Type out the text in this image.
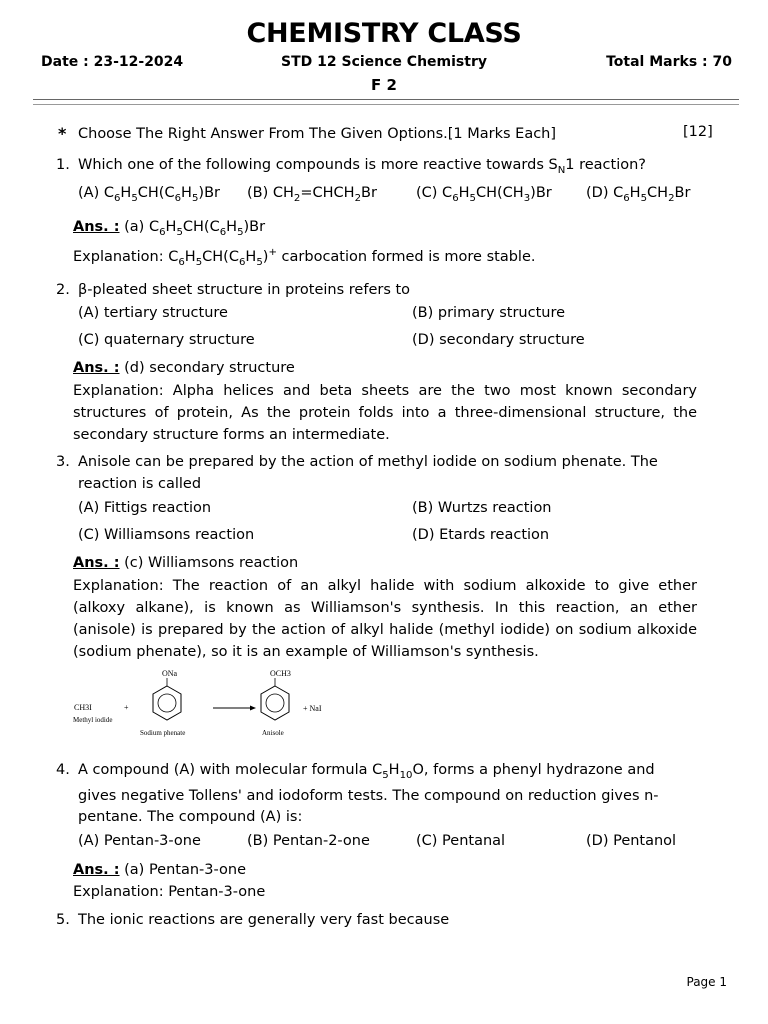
CHEMISTRY CLASS
Date : 23-12-2024	STD 12 Science Chemistry	Total Marks : 70
F 2
* Choose The Right Answer From The Given Options.[1 Marks Each]	[12]
1. Which one of the following compounds is more reactive towards $S_N1$ reaction?
(A) $C_6H_5CH(C_6H_5)Br$ (B) $CH_2=CHCH_2Br$	(C) $C_6H_5CH(CH_3)Br$ (D) $C_6H_5CH_2Br$
Ans. : (a) $C_6H_5CH(C_6H_5)Br$
Explanation: $C_6H_5CH(C_6H_5)^+$ carbocation formed is more stable.
2. β-pleated sheet structure in proteins refers to
(A) tertiary structure	(B) primary structure
(C) quaternary structure	(D) secondary structure
Ans. : (d) secondary structure
Explanation: Alpha helices and beta sheets are the two most known secondary structures of protein, As the protein folds into a three-dimensional structure, the secondary structure forms an intermediate.
3. Anisole can be prepared by the action of methyl iodide on sodium phenate. The
reaction is called
(A) Fittigs reaction	(B) Wurtzs reaction
(C) Williamsons reaction	(D) Etards reaction
Ans. : (c) Williamsons reaction
Explanation: The reaction of an alkyl halide with sodium alkoxide to give ether (alkoxy alkane), is known as Williamson's synthesis. In this reaction, an ether (anisole) is prepared by the action of alkyl halide (methyl iodide) on sodium alkoxide (sodium phenate), so it is an example of Williamson's synthesis.
CH3I	+
Methyl iodide
ONa
Sodium phenate
OCH3
Anisole
+ NaI
4. A compound (A) with molecular formula $C_5H_{10}O$, forms a phenyl hydrazone and
gives negative Tollens' and iodoform tests. The compound on reduction gives n-
pentane. The compound (A) is:
(A) Pentan-3-one	(B) Pentan-2-one	(C) Pentanal	(D) Pentanol
Ans. : (a) Pentan-3-one
Explanation: Pentan-3-one
5. The ionic reactions are generally very fast because
Page 1
